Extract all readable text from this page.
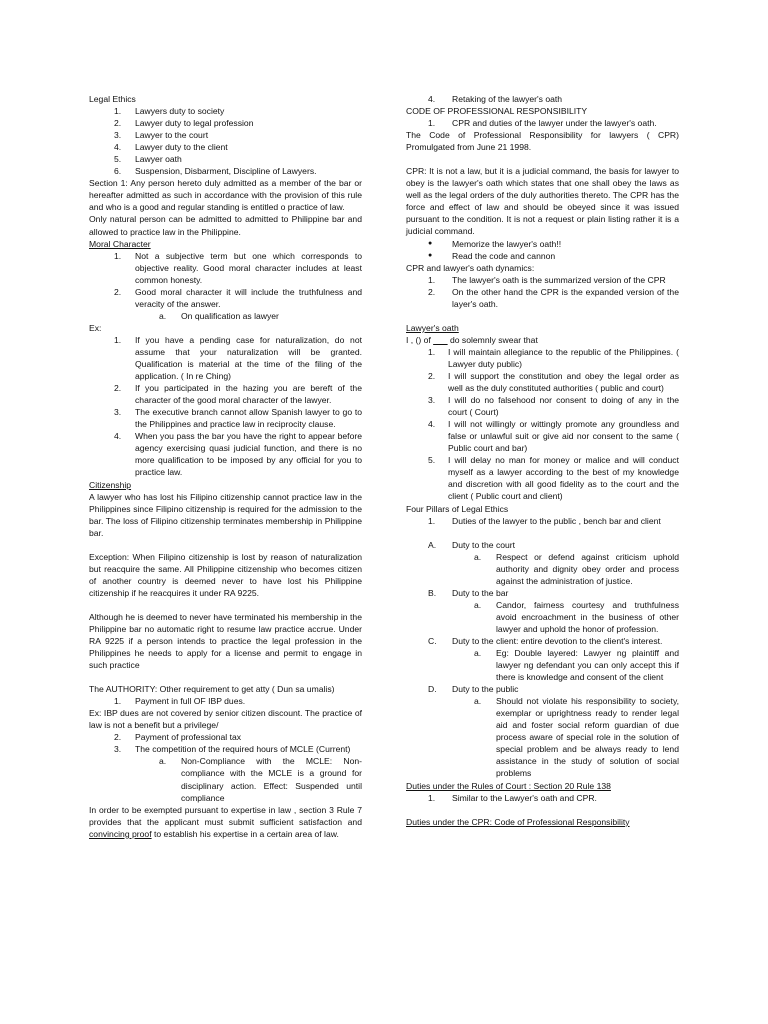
Legal Ethics

1. Lawyers duty to society
2. Lawyer duty to legal profession
3. Lawyer to the court
4. Lawyer duty to the client
5. Lawyer oath
6. Suspension, Disbarment, Discipline of Lawyers.

Section 1: Any person hereto duly admitted as a member of the bar or hereafter admitted as such in accordance with the provision of this rule and who is a good and regular standing is entitled o practice of law.

Only natural person can be admitted to admitted to Philippine bar and allowed to practice law in the Philippine.

Moral Character

1. Not a subjective term but one which corresponds to objective reality. Good moral character includes at least common honesty.
2. Good moral character it will include the truthfulness and veracity of the answer.
a. On qualification as lawyer

Ex:

1. If you have a pending case for naturalization, do not assume that your naturalization will be granted. Qualification is material at the time of the filing of the application. ( In re Ching)
2. If you participated in the hazing you are bereft of the character of the good moral character of the lawyer.
3. The executive branch cannot allow Spanish lawyer to go to the Philippines and practice law in reciprocity clause.
4. When you pass the bar you have the right to appear before agency exercising quasi judicial function, and there is no more qualification to be imposed by any official for you to practice law.

Citizenship

A lawyer who has lost his Filipino citizenship cannot practice law in the Philippines since Filipino citizenship is required for the admission to the bar. The loss of Filipino citizenship terminates membership in Philippine bar.

Exception: When Filipino citizenship is lost by reason of naturalization but reacquire the same. All Philippine citizenship who becomes citizen of another country is deemed never to have lost his Philippine citizenship if he reacquires it under RA 9225.

Although he is deemed to never have terminated his membership in the Philippine bar no automatic right to resume law practice accrue. Under RA 9225 if a person intends to practice the legal profession in the Philippines he needs to apply for a license and permit to engage in such practice

The AUTHORITY: Other requirement to get atty ( Dun sa umalis)

1. Payment in full OF IBP dues.

Ex: IBP dues are not covered by senior citizen discount. The practice of law is not a benefit but a privilege/

2. Payment of professional tax
3. The competition of the required hours of MCLE (Current)
a. Non-Compliance with the MCLE: Non-compliance with the MCLE is a ground for disciplinary action. Effect: Suspended until compliance

In order to be exempted pursuant to expertise in law , section 3 Rule 7 provides that the applicant must submit sufficient satisfaction and convincing proof to establish his expertise in a certain area of law.

4. Retaking of the lawyer's oath

CODE OF PROFESSIONAL RESPONSIBILITY

1. CPR and duties of the lawyer under the lawyer's oath.

The Code of Professional Responsibility for lawyers ( CPR) Promulgated from June 21 1998.

CPR: It is not a law, but it is a judicial command, the basis for lawyer to obey is the lawyer's oath which states that one shall obey the laws as well as the legal orders of the duly authorities thereto. The CPR has the force and effect of law and should be obeyed since it was issued pursuant to the condition. It is not a request or plain listing rather it is a judicial command.

● Memorize the lawyer's oath!!
● Read the code and cannon

CPR and lawyer's oath dynamics:

1. The lawyer's oath is the summarized version of the CPR
2. On the other hand the CPR is the expanded version of the layer's oath.

Lawyer's oath

I , () of ___ do solemnly swear that

1. I will maintain allegiance to the republic of the Philippines. ( Lawyer duty public)
2. I will support the constitution and obey the legal order as well as the duly constituted authorities ( public and court)
3. I will do no falsehood nor consent to doing of any in the court ( Court)
4. I will not willingly or wittingly promote any groundless and false or unlawful suit or give aid nor consent to the same ( Public court and bar)
5. I will delay no man for money or malice and will conduct myself as a lawyer according to the best of my knowledge and discretion with all good fidelity as to the court and the client ( Public court and client)

Four Pillars of Legal Ethics

1. Duties of the lawyer to the public , bench bar and client
A. Duty to the court
a. Respect or defend against criticism uphold authority and dignity obey order and process against the administration of justice.
B. Duty to the bar
a. Candor, fairness courtesy and truthfulness avoid encroachment in the business of other lawyer and uphold the honor of profession.
C. Duty to the client: entire devotion to the client's interest.
a. Eg: Double layered: Lawyer ng plaintiff and lawyer ng defendant you can only accept this if there is knowledge and consent of the client
D. Duty to the public
a. Should not violate his responsibility to society, exemplar or uprightness ready to render legal aid and foster social reform guardian of due process aware of special role in the solution of special problem and be always ready to lend assistance in the study of solution of social problems

Duties under the Rules of Court : Section 20 Rule 138

1. Similar to the Lawyer's oath and CPR.

Duties under the CPR: Code of Professional Responsibility
